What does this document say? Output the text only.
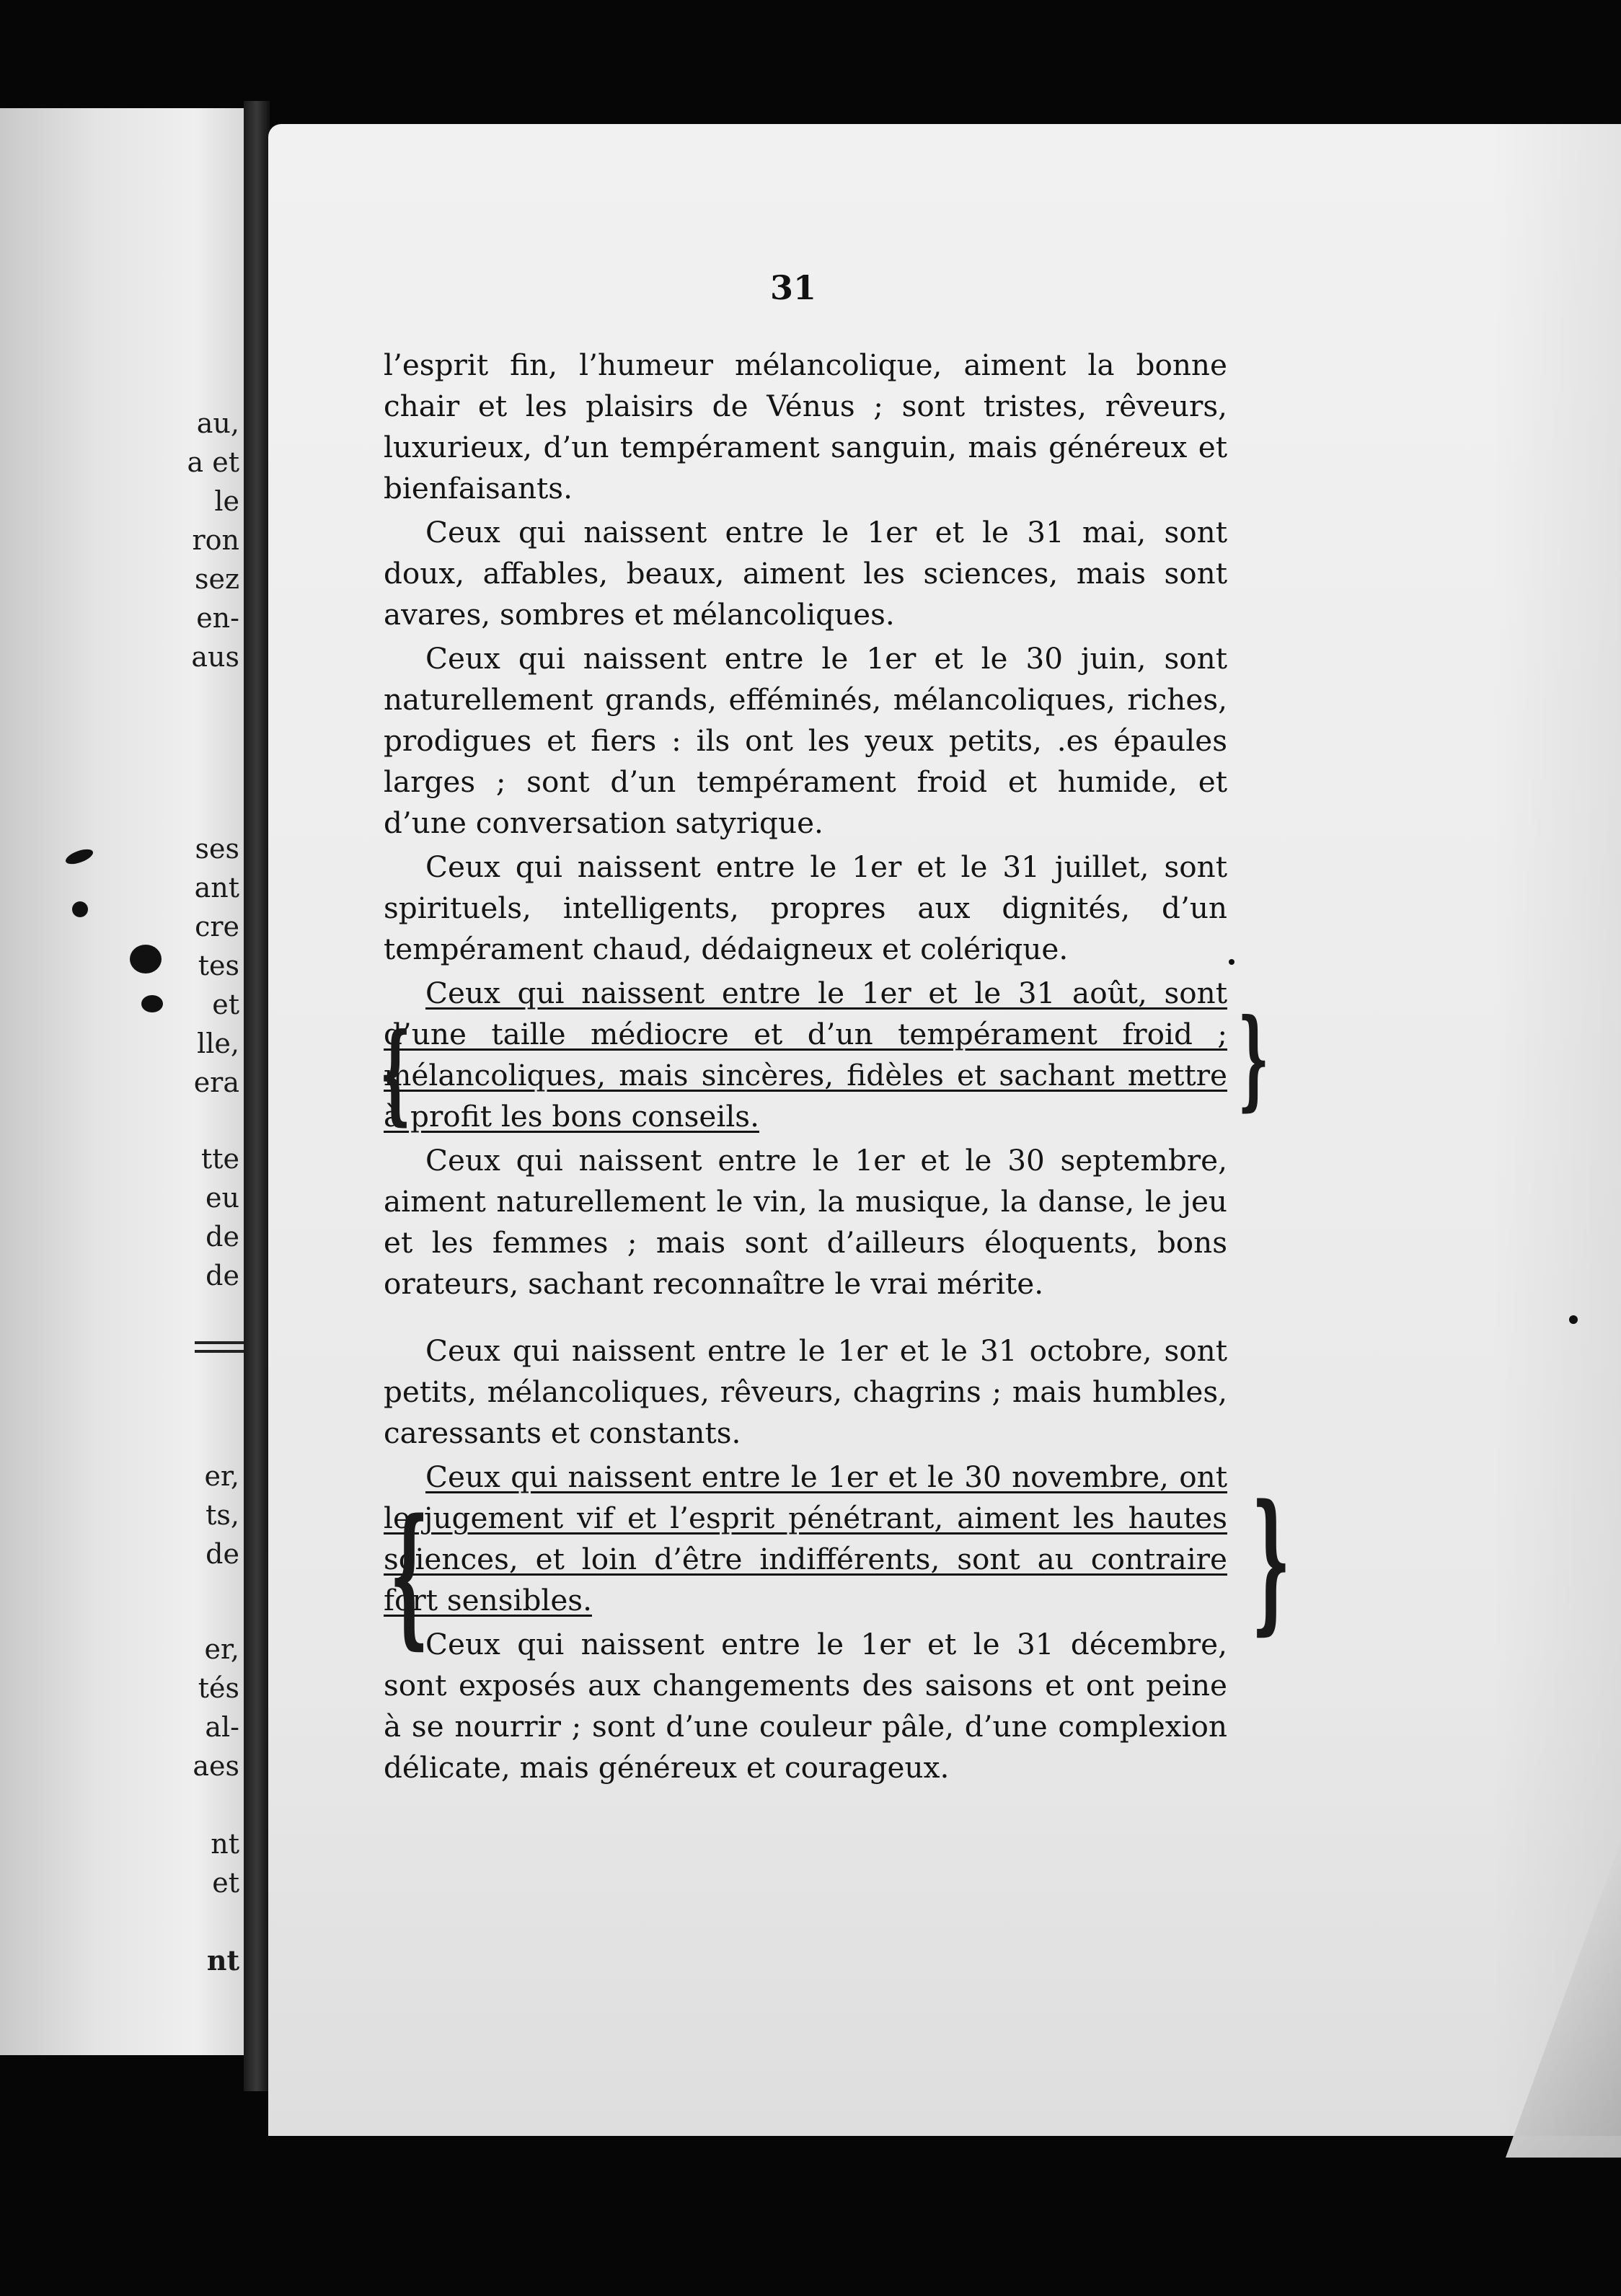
au,
a et
le
ron
sez
en-
aus
ses
ant
cre
tes
et
lle,
era
tte
eu
de
de
er,
ts,
de
er,
tés
al-
aes
nt
et
nt

31

l’esprit fin, l’humeur mélancolique, aiment la bonne chair et les plaisirs de Vénus ; sont tristes, rêveurs, luxurieux, d’un tempérament sanguin, mais généreux et bienfaisants.

Ceux qui naissent entre le 1er et le 31 mai, sont doux, affables, beaux, aiment les sciences, mais sont avares, sombres et mélancoliques.

Ceux qui naissent entre le 1er et le 30 juin, sont naturellement grands, efféminés, mélancoliques, riches, prodigues et fiers : ils ont les yeux petits, .es épaules larges ; sont d’un tempérament froid et humide, et d’une conversation satyrique.

Ceux qui naissent entre le 1er et le 31 juillet, sont spirituels, intelligents, propres aux dignités, d’un tempérament chaud, dédaigneux et colérique.

Ceux qui naissent entre le 1er et le 31 août, sont d’une taille médiocre et d’un tempérament froid ; mélancoliques, mais sincères, fidèles et sachant mettre à profit les bons conseils.

Ceux qui naissent entre le 1er et le 30 septembre, aiment naturellement le vin, la musique, la danse, le jeu et les femmes ; mais sont d’ailleurs éloquents, bons orateurs, sachant reconnaître le vrai mérite.

Ceux qui naissent entre le 1er et le 31 octobre, sont petits, mélancoliques, rêveurs, chagrins ; mais humbles, caressants et constants.

Ceux qui naissent entre le 1er et le 30 novembre, ont le jugement vif et l’esprit pénétrant, aiment les hautes sciences, et loin d’être indifférents, sont au contraire fort sensibles.

Ceux qui naissent entre le 1er et le 31 décembre, sont exposés aux changements des saisons et ont peine à se nourrir ; sont d’une couleur pâle, d’une complexion délicate, mais généreux et courageux.

{	}
{	}
